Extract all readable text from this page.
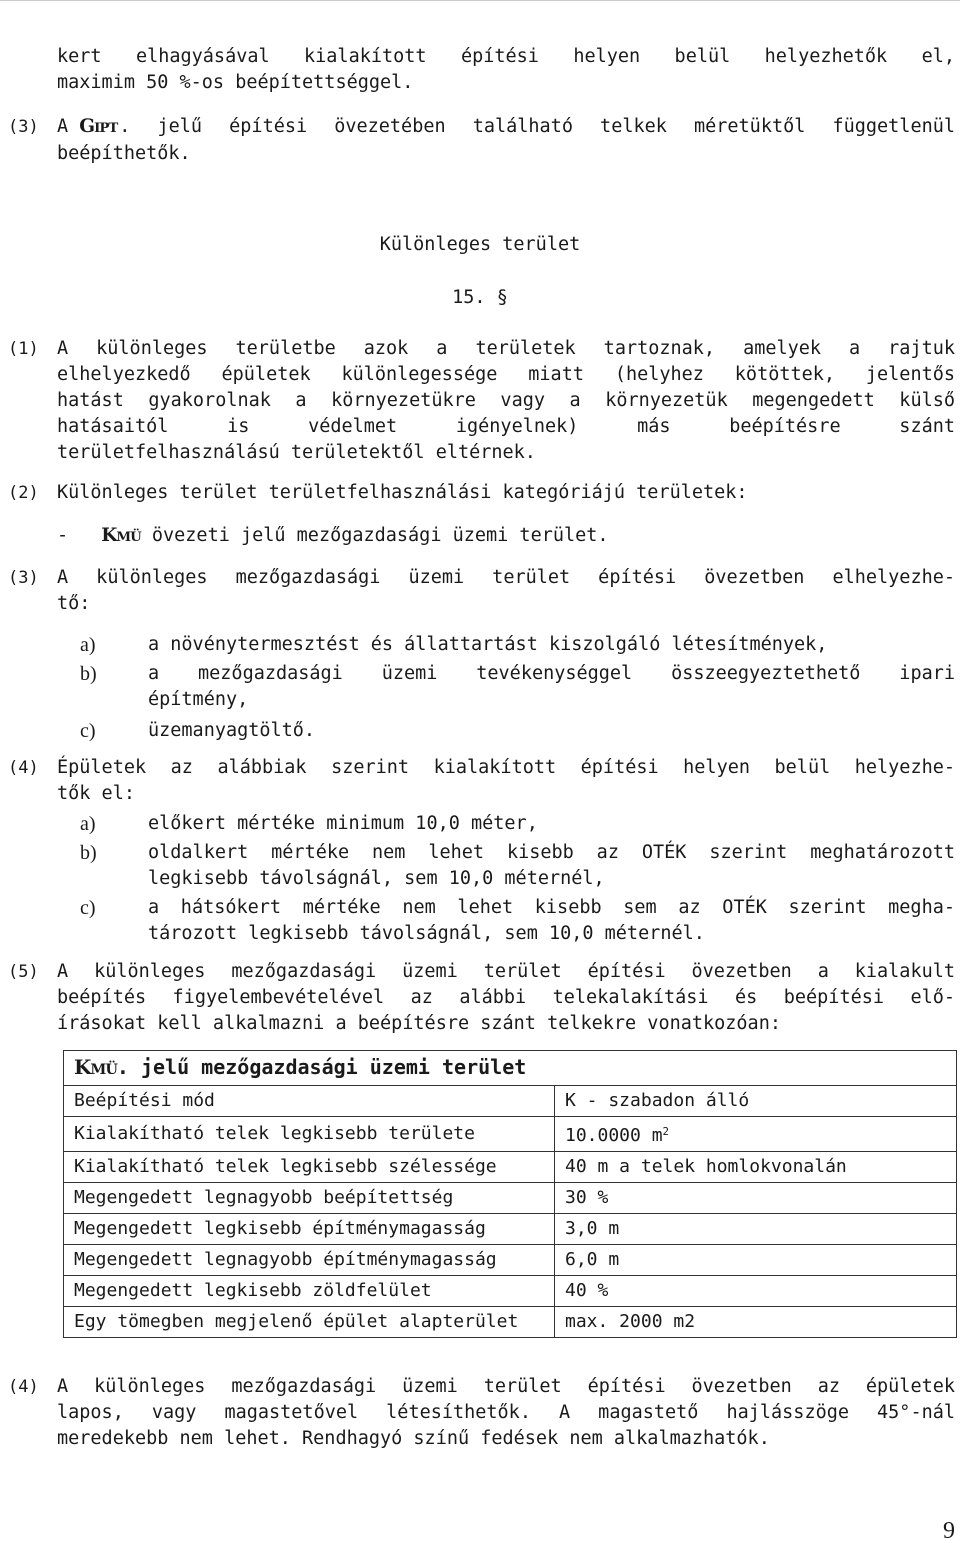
kert elhagyásával kialakított építési helyen belül helyezhetők el,
maximim 50 %-os beépítettséggel.
(3) A GIPT . jelű építési övezetében található telkek méretüktől függetlenül
beépíthetők.
Különleges terület
15. §
(1) A különleges területbe azok a területek tartoznak, amelyek a rajtuk
elhelyezkedő épületek különlegessége miatt (helyhez kötöttek, jelentős
hatást gyakorolnak a környezetükre vagy a környezetük megengedett külső
hatásaitól is védelmet igényelnek) más beépítésre szánt
területfelhasználású területektől eltérnek.
(2) Különleges terület területfelhasználási kategóriájú területek:
- KMÜ övezeti jelű mezőgazdasági üzemi terület.
(3) A különleges mezőgazdasági üzemi terület építési övezetben elhelyezhe-
tő:
a)	a növénytermesztést és állattartást kiszolgáló létesítmények,
b)	a mezőgazdasági üzemi tevékenységgel összeegyeztethető ipari
építmény,
c)	üzemanyagtöltő.
(4) Épületek az alábbiak szerint kialakított építési helyen belül helyezhe-
tők el:
a)	előkert mértéke minimum 10,0 méter,
b)	oldalkert mértéke nem lehet kisebb az OTÉK szerint meghatározott
legkisebb távolságnál, sem 10,0 méternél,
c)	a hátsókert mértéke nem lehet kisebb sem az OTÉK szerint megha-
tározott legkisebb távolságnál, sem 10,0 méternél.
(5) A különleges mezőgazdasági üzemi terület építési övezetben a kialakult
beépítés figyelembevételével az alábbi telekalakítási és beépítési elő-
írásokat kell alkalmazni a beépítésre szánt telkekre vonatkozóan:
KMÜ. jelű mezőgazdasági üzemi terület	
Beépítési mód	K - szabadon álló
Kialakítható telek legkisebb területe	10.0000 $m^2$
Kialakítható telek legkisebb szélessége	40 m a telek homlokvonalán
Megengedett legnagyobb beépítettség	30 %
Megengedett legkisebb építménymagasság	3,0 m
Megengedett legnagyobb építménymagasság	6,0 m
Megengedett legkisebb zöldfelület	40 %
Egy tömegben megjelenő épület alapterület	max. 2000 m2
(4) A különleges mezőgazdasági üzemi terület építési övezetben az épületek
lapos, vagy magastetővel létesíthetők. A magastető hajlásszöge 45°-nál
meredekebb nem lehet. Rendhagyó színű fedések nem alkalmazhatók.
9
